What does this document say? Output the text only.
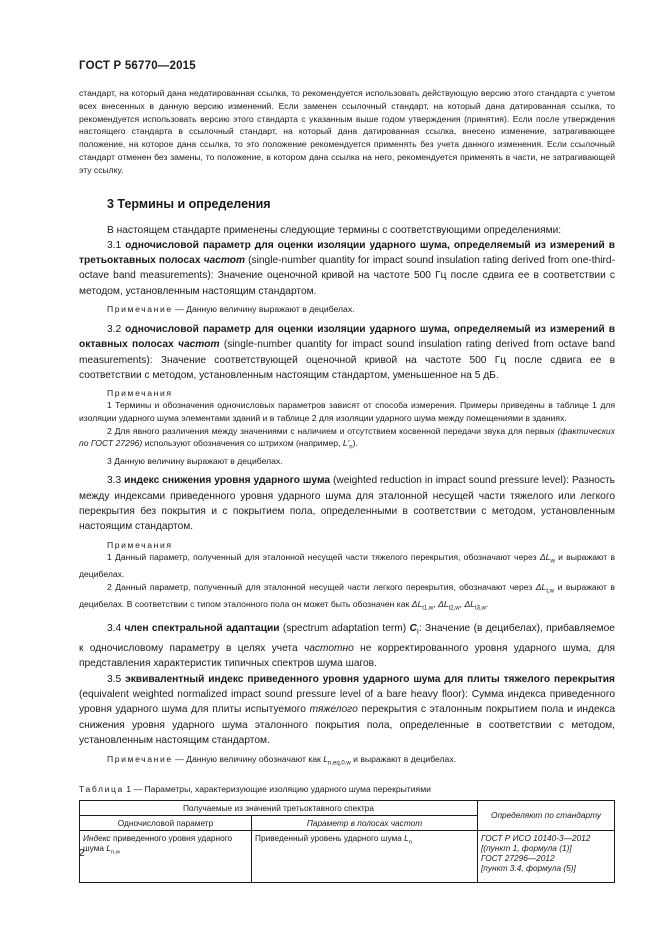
ГОСТ Р 56770—2015

стандарт, на который дана недатированная ссылка, то рекомендуется использовать действующую версию этого стандарта с учетом всех внесенных в данную версию изменений. Если заменен ссылочный стандарт, на который дана датированная ссылка, то рекомендуется использовать версию этого стандарта с указанным выше годом утверждения (принятия). Если после утверждения настоящего стандарта в ссылочный стандарт, на который дана датированная ссылка, внесено изменение, затрагивающее положение, на которое дана ссылка, то это положение рекомендуется применять без учета данного изменения. Если ссылочный стандарт отменен без замены, то положение, в котором дана ссылка на него, рекомендуется применять в части, не затрагивающей эту ссылку.

3 Термины и определения

В настоящем стандарте применены следующие термины с соответствующими определениями:

3.1 одночисловой параметр для оценки изоляции ударного шума, определяемый из измерений в третьоктавных полосах частот (single-number quantity for impact sound insulation rating derived from one-third-octave band measurements): Значение оценочной кривой на частоте 500 Гц после сдвига ее в соответствии с методом, установленным настоящим стандартом.

Примечание — Данную величину выражают в децибелах.

3.2 одночисловой параметр для оценки изоляции ударного шума, определяемый из измерений в октавных полосах частот (single-number quantity for impact sound insulation rating derived from octave band measurements): Значение соответствующей оценочной кривой на частоте 500 Гц после сдвига ее в соответствии с методом, установленным настоящим стандартом, уменьшенное на 5 дБ.

Примечания

1 Термины и обозначения одночисловых параметров зависят от способа измерения. Примеры приведены в таблице 1 для изоляции ударного шума элементами зданий и в таблице 2 для изоляции ударного шума между помещениями в зданиях.

2 Для явного различения между значениями с наличием и отсутствием косвенной передачи звука для первых (фактических по ГОСТ 27296) используют обозначения со штрихом (например, $L'_n$).

3 Данную величину выражают в децибелах.

3.3 индекс снижения уровня ударного шума (weighted reduction in impact sound pressure level): Разность между индексами приведенного уровня ударного шума для эталонной несущей части тяжелого или легкого перекрытия без покрытия и с покрытием пола, определенными в соответствии с методом, установленным настоящим стандартом.

Примечания

1 Данный параметр, полученный для эталонной несущей части тяжелого перекрытия, обозначают через $\Delta L_w$ и выражают в децибелах.

2 Данный параметр, полученный для эталонной несущей части легкого перекрытия, обозначают через $\Delta L_{t,w}$ и выражают в децибелах. В соответствии с типом эталонного пола он может быть обозначен как $\Delta L_{t1,w}$, $\Delta L_{t2,w}$, $\Delta L_{t3,w}$.

3.4 член спектральной адаптации (spectrum adaptation term) $C_I$: Значение (в децибелах), прибавляемое к одночисловому параметру в целях учета частотно не корректированного уровня ударного шума, для представления характеристик типичных спектров шума шагов.

3.5 эквивалентный индекс приведенного уровня ударного шума для плиты тяжелого перекрытия (equivalent weighted normalized impact sound pressure level of a bare heavy floor): Сумма индекса приведенного уровня ударного шума для плиты испытуемого тяжелого перекрытия с эталонным покрытием пола и индекса снижения уровня ударного шума эталонного покрытия пола, определенные в соответствии с методом, установленным настоящим стандартом.

Примечание — Данную величину обозначают как $L_{n,eq,0,w}$ и выражают в децибелах.

Таблица 1 — Параметры, характеризующие изоляцию ударного шума перекрытиями
Получаемые из значений третьоктавного спектра		Определяют по стандарту
Одночисловой параметр	Параметр в полосах частот	
Индекс приведенного уровня ударного шума $L_{n,w}$	Приведенный уровень ударного шума $L_n$	ГОСТ Р ИСО 10140-3—2012
[(пункт 1, формула (1)]
ГОСТ 27296—2012
[пункт 3.4, формула (5)]
2
